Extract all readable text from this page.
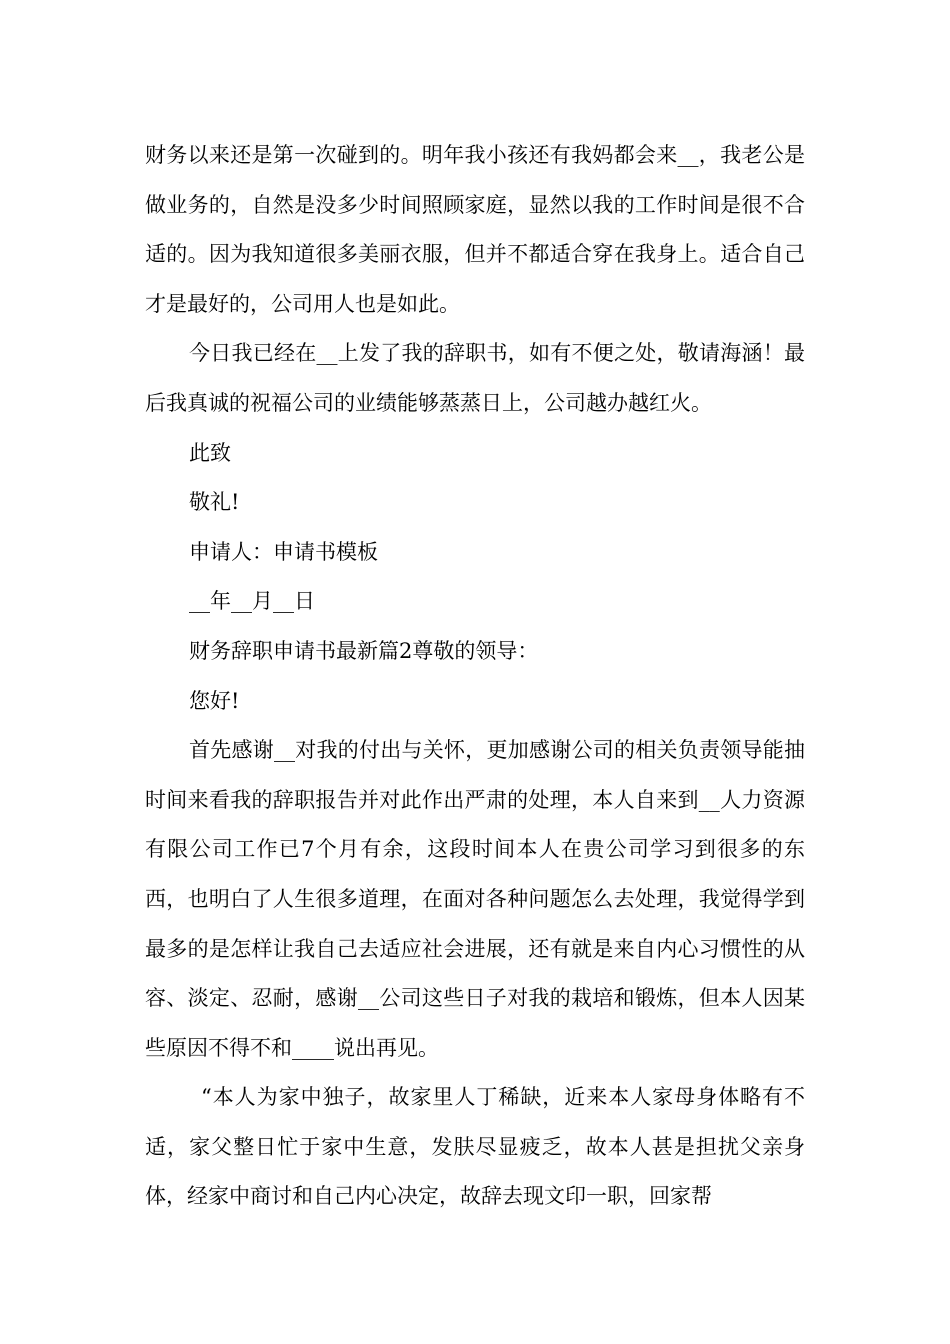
财务以来还是第一次碰到的。明年我小孩还有我妈都会来__，我老公是做业务的，自然是没多少时间照顾家庭，显然以我的工作时间是很不合适的。因为我知道很多美丽衣服，但并不都适合穿在我身上。适合自己才是最好的，公司用人也是如此。

今日我已经在__上发了我的辞职书，如有不便之处，敬请海涵！最后我真诚的祝福公司的业绩能够蒸蒸日上，公司越办越红火。

此致

敬礼!

申请人：申请书模板

__年__月__日

财务辞职申请书最新篇2尊敬的领导：

您好!

首先感谢__对我的付出与关怀，更加感谢公司的相关负责领导能抽时间来看我的辞职报告并对此作出严肃的处理，本人自来到__人力资源有限公司工作已7个月有余，这段时间本人在贵公司学习到很多的东西，也明白了人生很多道理，在面对各种问题怎么去处理，我觉得学到最多的是怎样让我自己去适应社会进展，还有就是来自内心习惯性的从容、淡定、忍耐，感谢__公司这些日子对我的栽培和锻炼，但本人因某些原因不得不和____说出再见。

“本人为家中独子，故家里人丁稀缺，近来本人家母身体略有不适，家父整日忙于家中生意，发肤尽显疲乏，故本人甚是担扰父亲身体，经家中商讨和自己内心决定，故辞去现文印一职，回家帮
